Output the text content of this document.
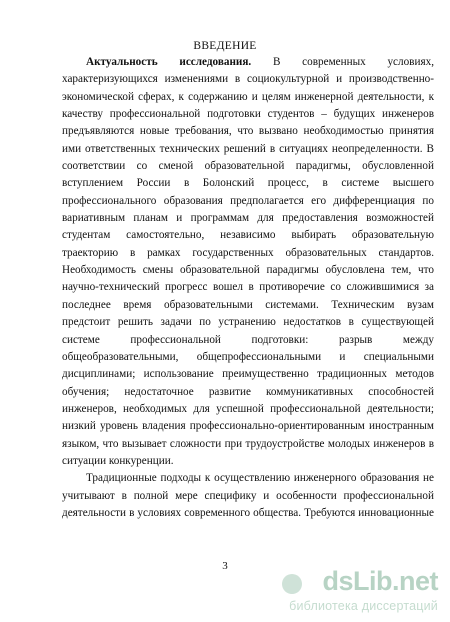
ВВЕДЕНИЕ
Актуальность исследования. В современных условиях,
характеризующихся изменениями в социокультурной и производственно-
экономической сферах, к содержанию и целям инженерной деятельности, к
качеству профессиональной подготовки студентов – будущих инженеров
предъявляются новые требования, что вызвано необходимостью принятия
ими ответственных технических решений в ситуациях неопределенности. В
соответствии со сменой образовательной парадигмы, обусловленной
вступлением России в Болонский процесс, в системе высшего
профессионального образования предполагается его дифференциация по
вариативным планам и программам для предоставления возможностей
студентам самостоятельно, независимо выбирать образовательную
траекторию в рамках государственных образовательных стандартов.
Необходимость смены образовательной парадигмы обусловлена тем, что
научно-технический прогресс вошел в противоречие со сложившимися за
последнее время образовательными системами. Техническим вузам
предстоит решить задачи по устранению недостатков в существующей
системе профессиональной подготовки: разрыв между
общеобразовательными, общепрофессиональными и специальными
дисциплинами; использование преимущественно традиционных методов
обучения; недостаточное развитие коммуникативных способностей
инженеров, необходимых для успешной профессиональной деятельности;
низкий уровень владения профессионально-ориентированным иностранным
языком, что вызывает сложности при трудоустройстве молодых инженеров в
ситуации конкуренции.
Традиционные подходы к осуществлению инженерного образования не
учитывают в полной мере специфику и особенности профессиональной
деятельности в условиях современного общества. Требуются инновационные
3	dsLib.net
библиотека диссертаций
